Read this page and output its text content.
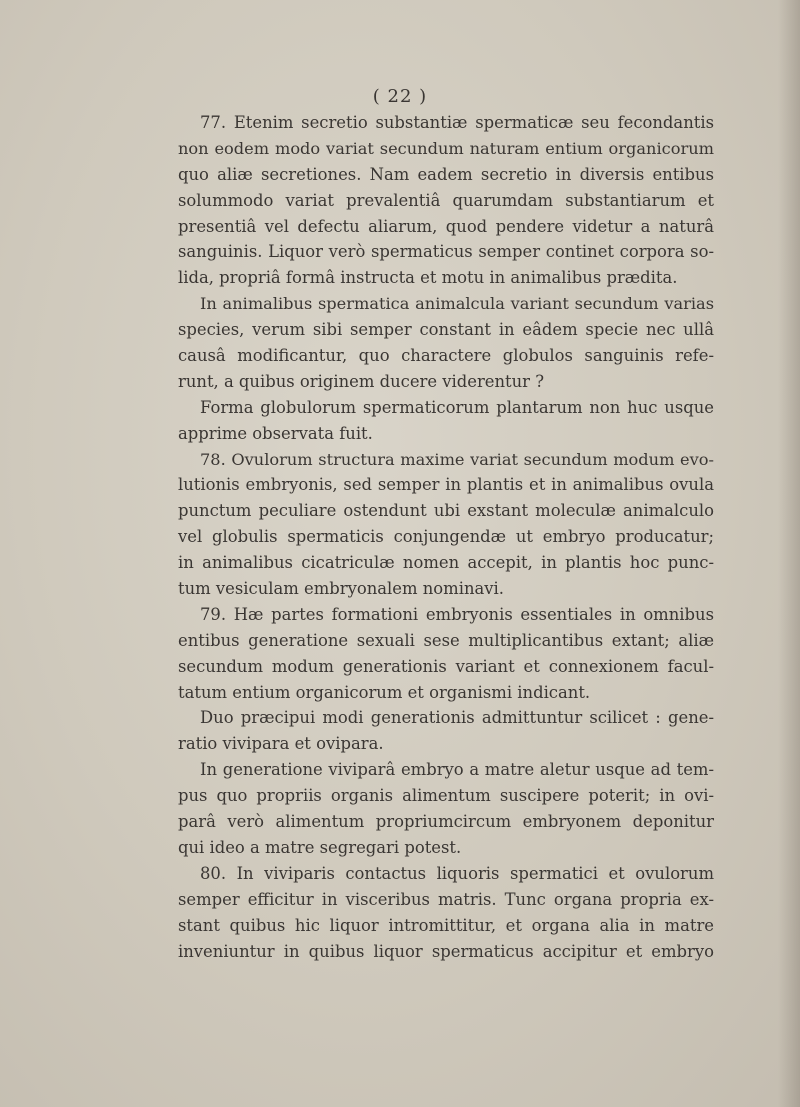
( 22 )
77. Etenim secretio substantiæ spermaticæ seu fecondantis
non eodem modo variat secundum naturam entium organicorum
quo aliæ secretiones. Nam eadem secretio in diversis entibus
solummodo variat prevalentiâ quarumdam substantiarum et
presentiâ vel defectu aliarum, quod pendere videtur a naturâ
sanguinis. Liquor verò spermaticus semper continet corpora so-
lida, propriâ formâ instructa et motu in animalibus prædita.
In animalibus spermatica animalcula variant secundum varias
species, verum sibi semper constant in eâdem specie nec ullâ
causâ modificantur, quo charactere globulos sanguinis refe-
runt, a quibus originem ducere viderentur ?
Forma globulorum spermaticorum plantarum non huc usque
apprime observata fuit.
78. Ovulorum structura maxime variat secundum modum evo-
lutionis embryonis, sed semper in plantis et in animalibus ovula
punctum peculiare ostendunt ubi exstant moleculæ animalculo
vel globulis spermaticis conjungendæ ut embryo producatur;
in animalibus cicatriculæ nomen accepit, in plantis hoc punc-
tum vesiculam embryonalem nominavi.
79. Hæ partes formationi embryonis essentiales in omnibus
entibus generatione sexuali sese multiplicantibus extant; aliæ
secundum modum generationis variant et connexionem facul-
tatum entium organicorum et organismi indicant.
Duo præcipui modi generationis admittuntur scilicet : gene-
ratio vivipara et ovipara.
In generatione viviparâ embryo a matre aletur usque ad tem-
pus quo propriis organis alimentum suscipere poterit; in ovi-
parâ verò alimentum propriumcircum embryonem deponitur
qui ideo a matre segregari potest.
80. In viviparis contactus liquoris spermatici et ovulorum
semper efficitur in visceribus matris. Tunc organa propria ex-
stant quibus hic liquor intromittitur, et organa alia in matre
inveniuntur in quibus liquor spermaticus accipitur et embryo
